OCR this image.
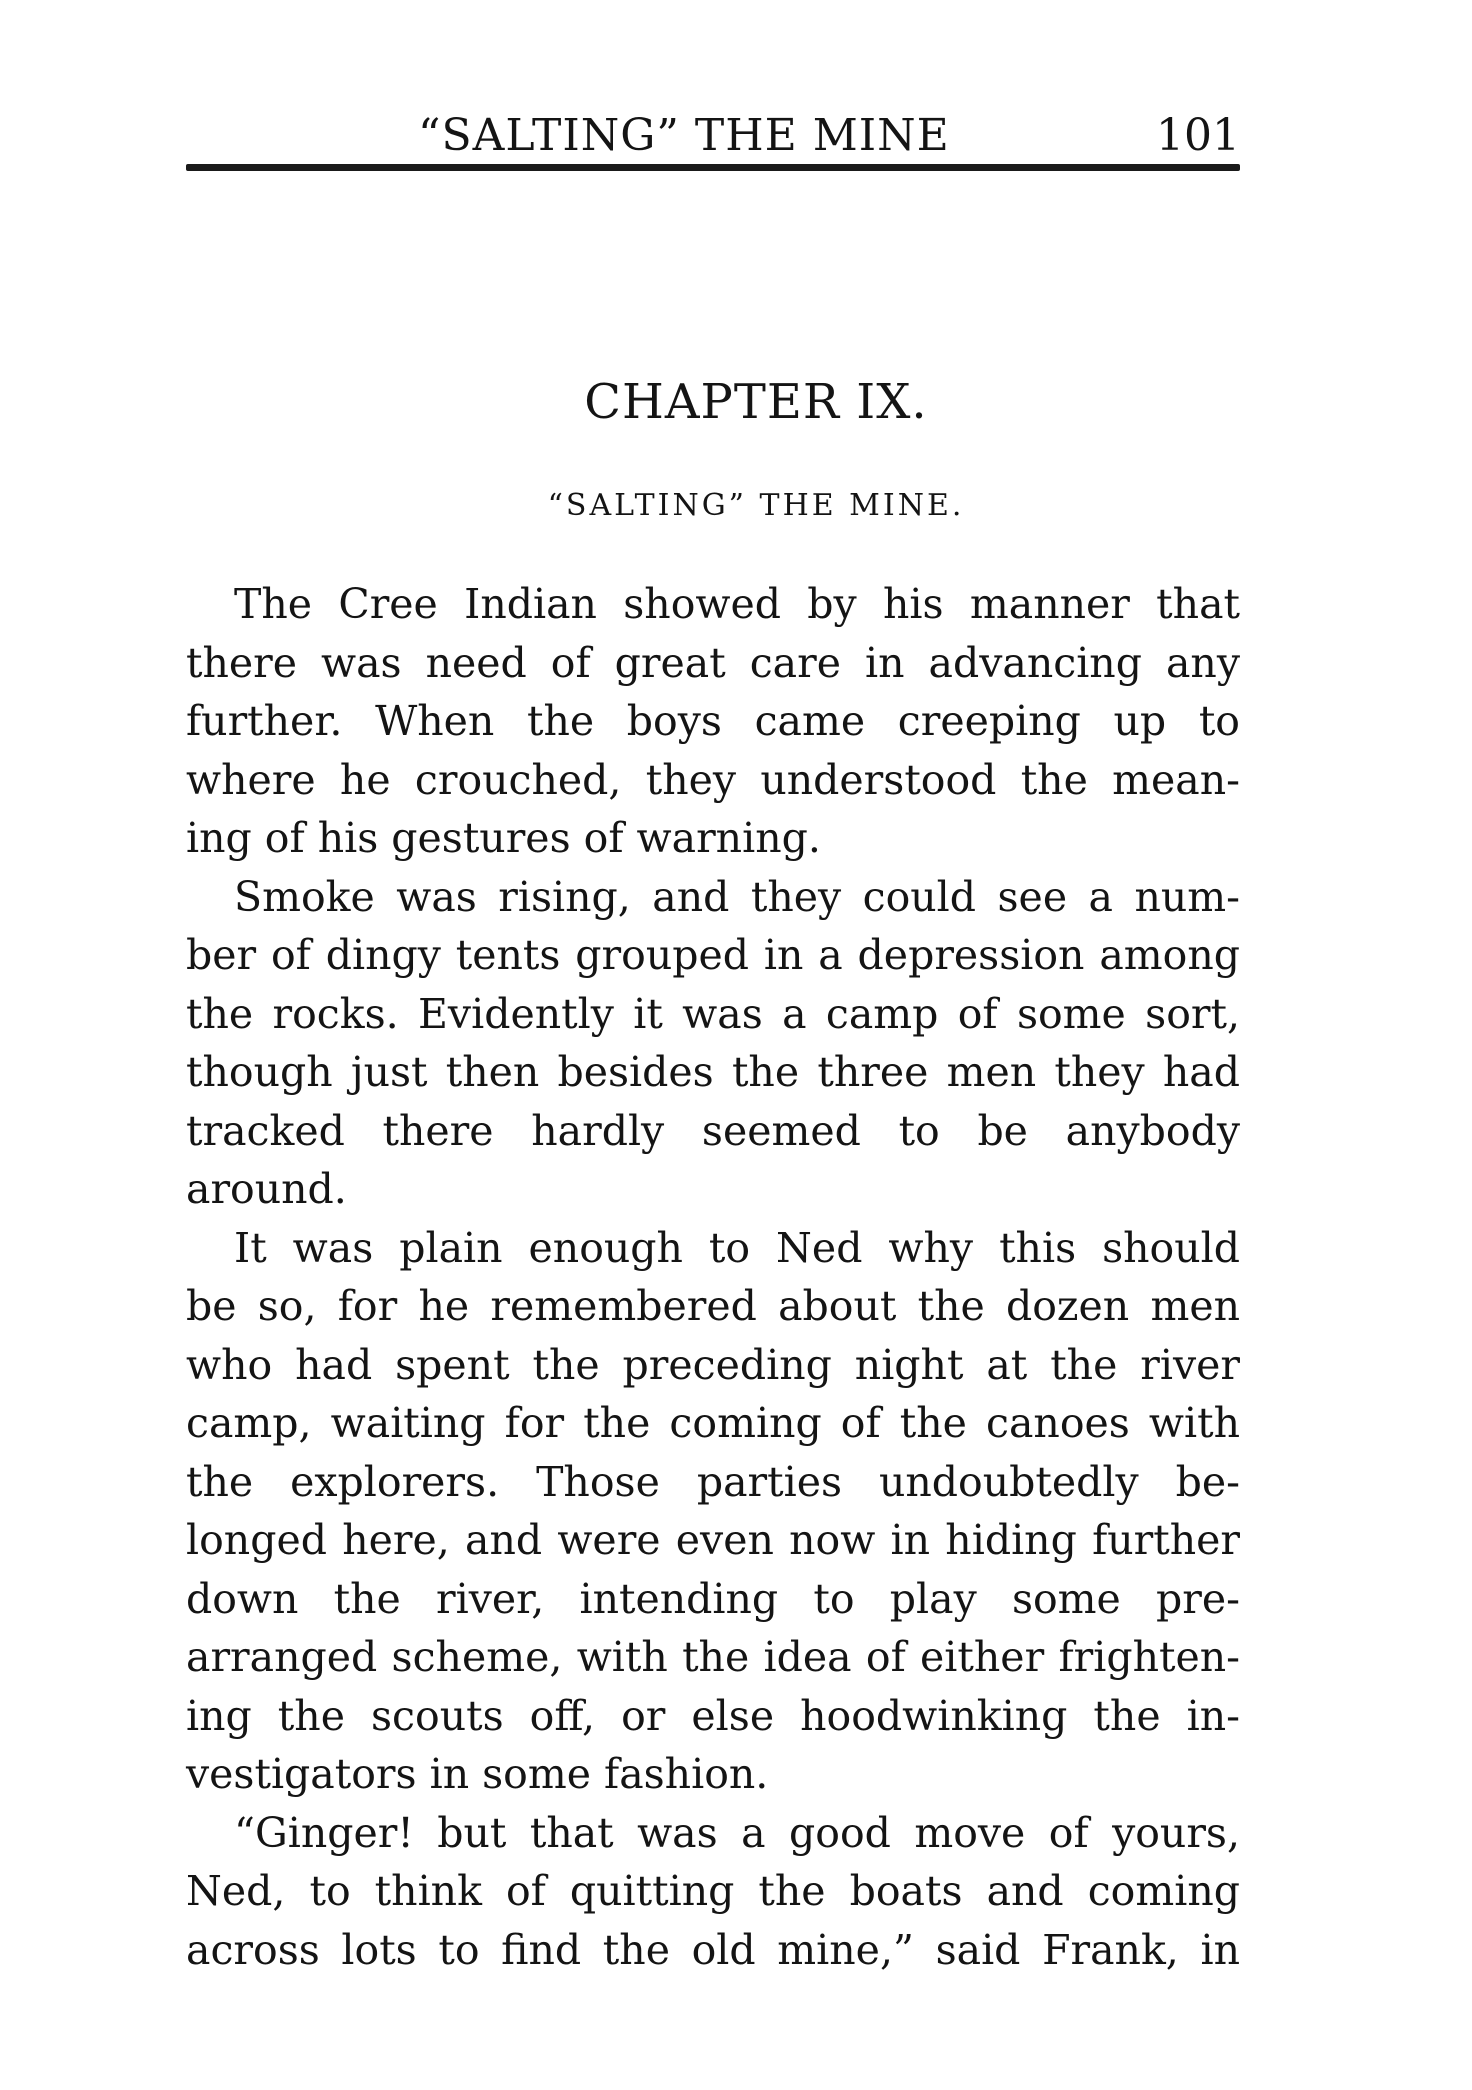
“SALTING” THE MINE	101
CHAPTER IX.
“SALTING” THE MINE.
The Cree Indian showed by his manner that
there was need of great care in advancing any
further. When the boys came creeping up to
where he crouched, they understood the mean-
ing of his gestures of warning.
Smoke was rising, and they could see a num-
ber of dingy tents grouped in a depression among
the rocks. Evidently it was a camp of some sort,
though just then besides the three men they had
tracked there hardly seemed to be anybody
around.
It was plain enough to Ned why this should
be so, for he remembered about the dozen men
who had spent the preceding night at the river
camp, waiting for the coming of the canoes with
the explorers. Those parties undoubtedly be-
longed here, and were even now in hiding further
down the river, intending to play some pre-
arranged scheme, with the idea of either frighten-
ing the scouts off, or else hoodwinking the in-
vestigators in some fashion.
“Ginger! but that was a good move of yours,
Ned, to think of quitting the boats and coming
across lots to find the old mine,” said Frank, in
